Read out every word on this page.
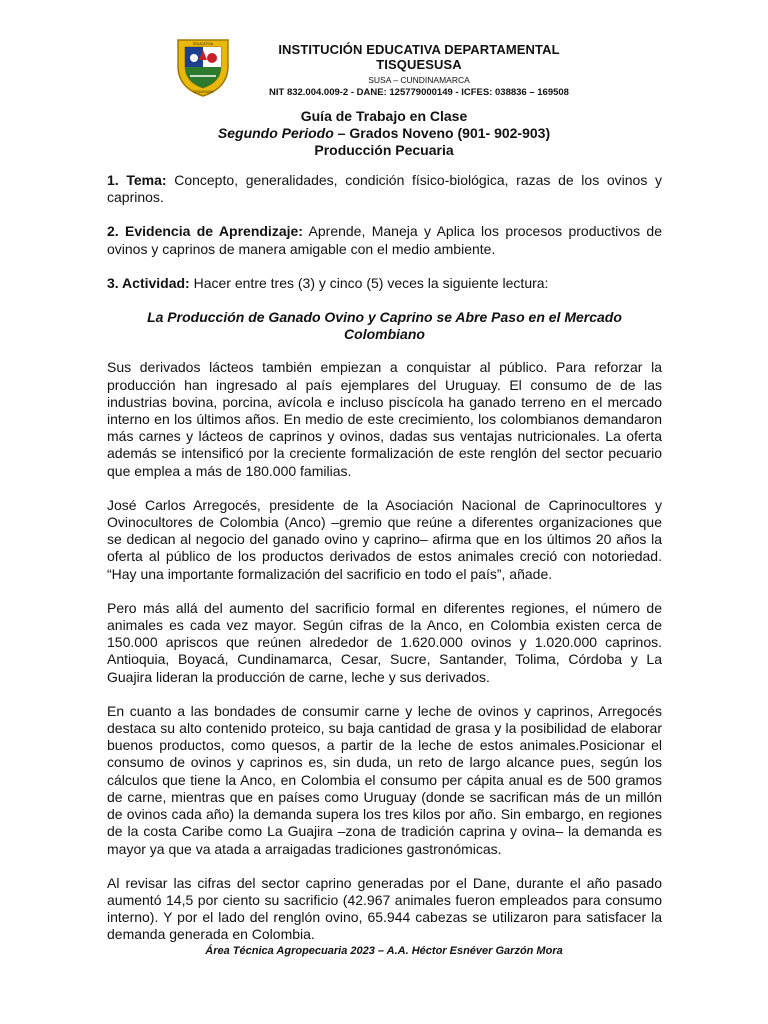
EDUCATIVA
TISQUESUSA
INSTITUCIÓN EDUCATIVA DEPARTAMENTAL TISQUESUSA
SUSA – CUNDINAMARCA
NIT 832.004.009-2 - DANE: 125779000149 - ICFES: 038836 – 169508
Guía de Trabajo en Clase
Segundo Periodo – Grados Noveno (901- 902-903)
Producción Pecuaria

1. Tema: Concepto, generalidades, condición físico-biológica, razas de los ovinos y caprinos.

2. Evidencia de Aprendizaje: Aprende, Maneja y Aplica los procesos productivos de ovinos y caprinos de manera amigable con el medio ambiente.

3. Actividad: Hacer entre tres (3) y cinco (5) veces la siguiente lectura:

La Producción de Ganado Ovino y Caprino se Abre Paso en el Mercado Colombiano

Sus derivados lácteos también empiezan a conquistar al público. Para reforzar la producción han ingresado al país ejemplares del Uruguay. El consumo de de las industrias bovina, porcina, avícola e incluso piscícola ha ganado terreno en el mercado interno en los últimos años. En medio de este crecimiento, los colombianos demandaron más carnes y lácteos de caprinos y ovinos, dadas sus ventajas nutricionales. La oferta además se intensificó por la creciente formalización de este renglón del sector pecuario que emplea a más de 180.000 familias.

José Carlos Arregocés, presidente de la Asociación Nacional de Caprinocultores y Ovinocultores de Colombia (Anco) –gremio que reúne a diferentes organizaciones que se dedican al negocio del ganado ovino y caprino– afirma que en los últimos 20 años la oferta al público de los productos derivados de estos animales creció con notoriedad. “Hay una importante formalización del sacrificio en todo el país”, añade.

Pero más allá del aumento del sacrificio formal en diferentes regiones, el número de animales es cada vez mayor. Según cifras de la Anco, en Colombia existen cerca de 150.000 apriscos que reúnen alrededor de 1.620.000 ovinos y 1.020.000 caprinos. Antioquia, Boyacá, Cundinamarca, Cesar, Sucre, Santander, Tolima, Córdoba y La Guajira lideran la producción de carne, leche y sus derivados.

En cuanto a las bondades de consumir carne y leche de ovinos y caprinos, Arregocés destaca su alto contenido proteico, su baja cantidad de grasa y la posibilidad de elaborar buenos productos, como quesos, a partir de la leche de estos animales.Posicionar el consumo de ovinos y caprinos es, sin duda, un reto de largo alcance pues, según los cálculos que tiene la Anco, en Colombia el consumo per cápita anual es de 500 gramos de carne, mientras que en países como Uruguay (donde se sacrifican más de un millón de ovinos cada año) la demanda supera los tres kilos por año. Sin embargo, en regiones de la costa Caribe como La Guajira –zona de tradición caprina y ovina– la demanda es mayor ya que va atada a arraigadas tradiciones gastronómicas.

Al revisar las cifras del sector caprino generadas por el Dane, durante el año pasado aumentó 14,5 por ciento su sacrificio (42.967 animales fueron empleados para consumo interno). Y por el lado del renglón ovino, 65.944 cabezas se utilizaron para satisfacer la demanda generada en Colombia.

Área Técnica Agropecuaria 2023 – A.A. Héctor Esnéver Garzón Mora
